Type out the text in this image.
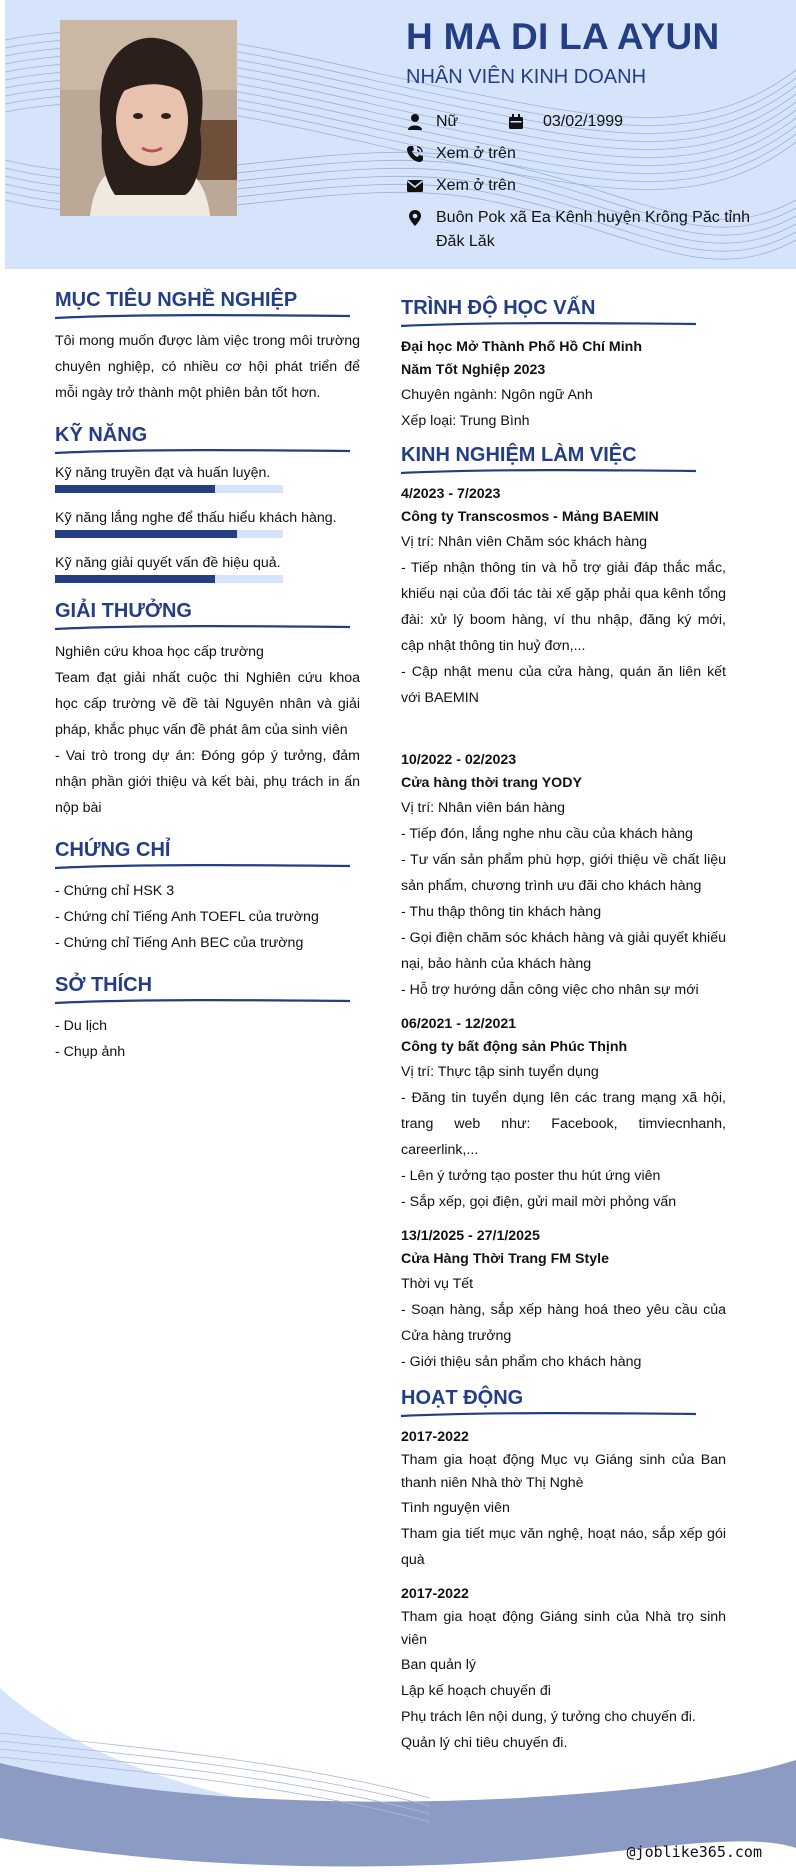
H MA DI LA AYUN
NHÂN VIÊN KINH DOANH
Nữ	03/02/1999
Xem ở trên
Xem ở trên
Buôn Pok xã Ea Kênh huyện Krông Păc tỉnh Đăk Lăk
MỤC TIÊU NGHỀ NGHIỆP

Tôi mong muốn được làm việc trong môi trường chuyên nghiệp, có nhiều cơ hội phát triển để mỗi ngày trở thành một phiên bản tốt hơn.

KỸ NĂNG
Kỹ năng truyền đạt và huấn luyện.
Kỹ năng lắng nghe để thấu hiểu khách hàng.
Kỹ năng giải quyết vấn đề hiệu quả.
GIẢI THƯỞNG

Nghiên cứu khoa học cấp trường

Team đạt giải nhất cuộc thi Nghiên cứu khoa học cấp trường về đề tài Nguyên nhân và giải pháp, khắc phục vấn đề phát âm của sinh viên

- Vai trò trong dự án: Đóng góp ý tưởng, đảm nhận phần giới thiệu và kết bài, phụ trách in ấn nộp bài

CHỨNG CHỈ

- Chứng chỉ HSK 3

- Chứng chỉ Tiếng Anh TOEFL của trường

- Chứng chỉ Tiếng Anh BEC của trường

SỞ THÍCH

- Du lịch

- Chụp ảnh

TRÌNH ĐỘ HỌC VẤN

Đại học Mở Thành Phố Hồ Chí Minh

Năm Tốt Nghiệp 2023

Chuyên ngành: Ngôn ngữ Anh

Xếp loại: Trung Bình

KINH NGHIỆM LÀM VIỆC

4/2023 - 7/2023

Công ty Transcosmos - Mảng BAEMIN

Vị trí: Nhân viên Chăm sóc khách hàng

- Tiếp nhận thông tin và hỗ trợ giải đáp thắc mắc, khiếu nại của đối tác tài xế gặp phải qua kênh tổng đài: xử lý boom hàng, ví thu nhập, đăng ký mới, cập nhật thông tin huỷ đơn,...

- Cập nhật menu của cửa hàng, quán ăn liên kết với BAEMIN

10/2022 - 02/2023

Cửa hàng thời trang YODY

Vị trí: Nhân viên bán hàng

- Tiếp đón, lắng nghe nhu cầu của khách hàng

- Tư vấn sản phẩm phù hợp, giới thiệu về chất liệu sản phẩm, chương trình ưu đãi cho khách hàng

- Thu thập thông tin khách hàng

- Gọi điện chăm sóc khách hàng và giải quyết khiếu nại, bảo hành của khách hàng

- Hỗ trợ hướng dẫn công việc cho nhân sự mới

06/2021 - 12/2021

Công ty bất động sản Phúc Thịnh

Vị trí: Thực tập sinh tuyển dụng

- Đăng tin tuyển dụng lên các trang mạng xã hội, trang web như: Facebook, timviecnhanh, careerlink,...

- Lên ý tưởng tạo poster thu hút ứng viên

- Sắp xếp, gọi điện, gửi mail mời phỏng vấn

13/1/2025 - 27/1/2025

Cửa Hàng Thời Trang FM Style

Thời vụ Tết

- Soạn hàng, sắp xếp hàng hoá theo yêu cầu của Cửa hàng trưởng

- Giới thiệu sản phẩm cho khách hàng

HOẠT ĐỘNG

2017-2022

Tham gia hoạt động Mục vụ Giáng sinh của Ban thanh niên Nhà thờ Thị Nghè

Tình nguyện viên

Tham gia tiết mục văn nghệ, hoạt náo, sắp xếp gói quà

2017-2022

Tham gia hoạt động Giáng sinh của Nhà trọ sinh viên

Ban quản lý

Lập kế hoạch chuyến đi

Phụ trách lên nội dung, ý tưởng cho chuyến đi.

Quản lý chi tiêu chuyến đi.

@joblike365.com
